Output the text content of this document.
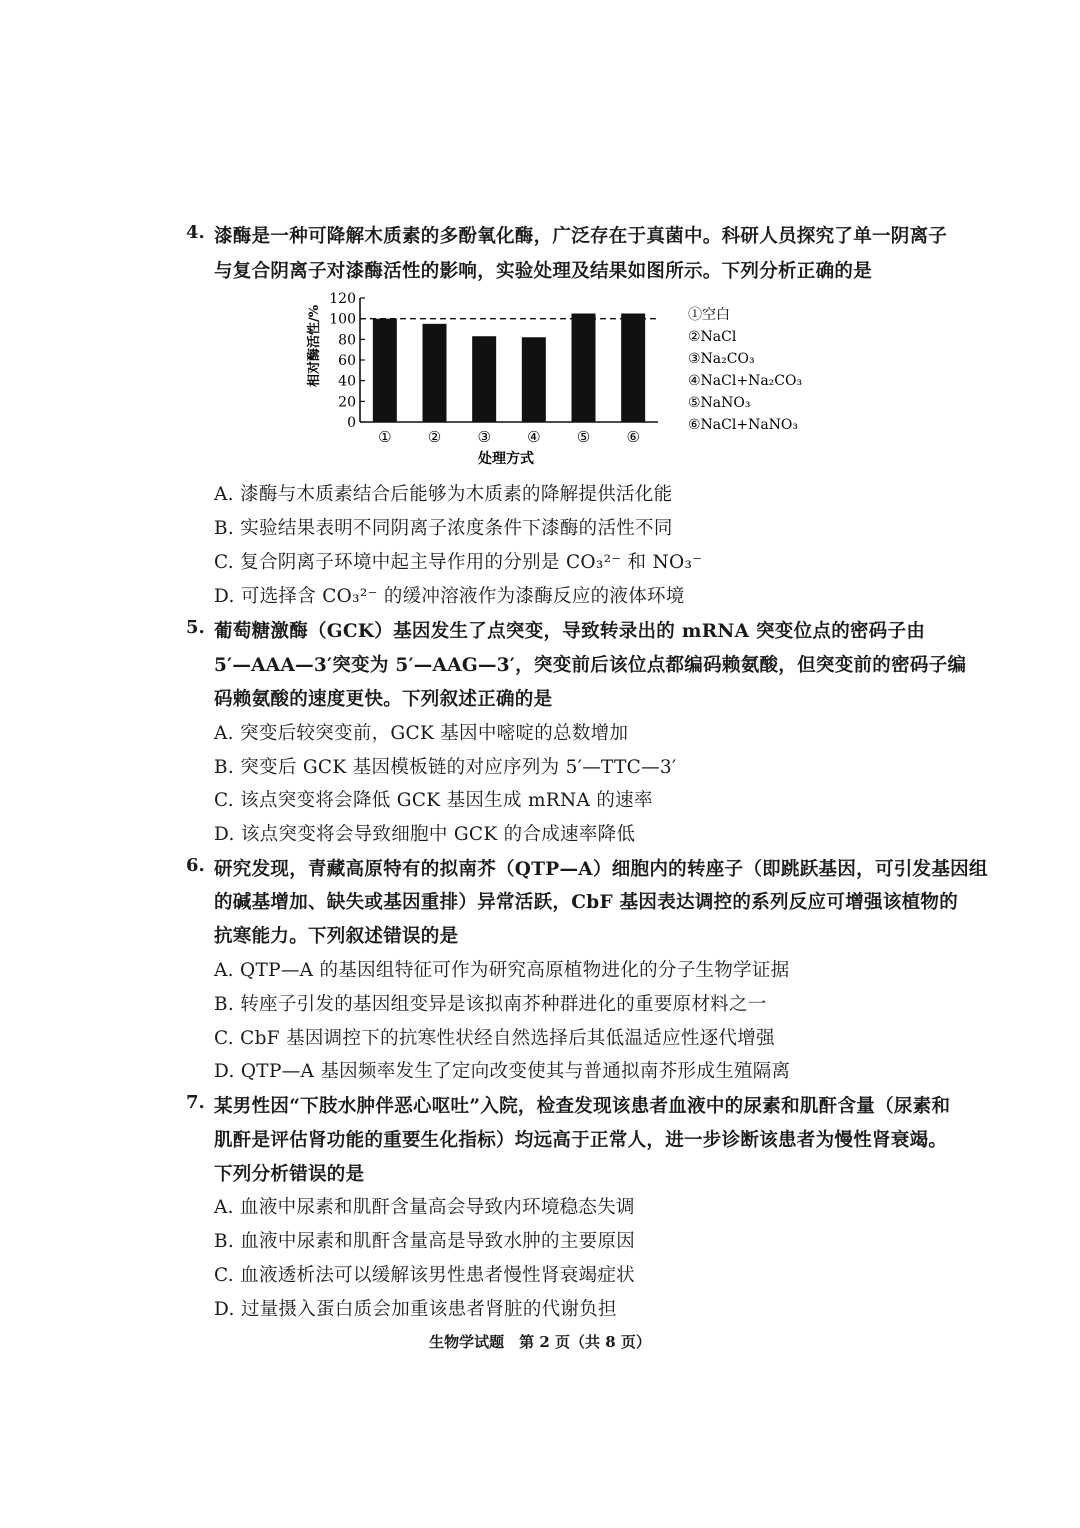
4. 漆酶是一种可降解木质素的多酚氧化酶，广泛存在于真菌中。科研人员探究了单一阴离子
与复合阴离子对漆酶活性的影响，实验处理及结果如图所示。下列分析正确的是
相对酶活性/%
处理方式
0
20
40
60
80
100
120
① ② ③ ④ ⑤ ⑥
①空白
②NaCl
③Na₂CO₃
④NaCl+Na₂CO₃
⑤NaNO₃
⑥NaCl+NaNO₃
A. 漆酶与木质素结合后能够为木质素的降解提供活化能
B. 实验结果表明不同阴离子浓度条件下漆酶的活性不同
C. 复合阴离子环境中起主导作用的分别是 CO₃²⁻ 和 NO₃⁻
D. 可选择含 CO₃²⁻ 的缓冲溶液作为漆酶反应的液体环境
5. 葡萄糖激酶（GCK）基因发生了点突变，导致转录出的 mRNA 突变位点的密码子由
5′—AAA—3′突变为 5′—AAG—3′，突变前后该位点都编码赖氨酸，但突变前的密码子编
码赖氨酸的速度更快。下列叙述正确的是
A. 突变后较突变前，GCK 基因中嘧啶的总数增加
B. 突变后 GCK 基因模板链的对应序列为 5′—TTC—3′
C. 该点突变将会降低 GCK 基因生成 mRNA 的速率
D. 该点突变将会导致细胞中 GCK 的合成速率降低
6. 研究发现，青藏高原特有的拟南芥（QTP—A）细胞内的转座子（即跳跃基因，可引发基因组
的碱基增加、缺失或基因重排）异常活跃，CbF 基因表达调控的系列反应可增强该植物的
抗寒能力。下列叙述错误的是
A. QTP—A 的基因组特征可作为研究高原植物进化的分子生物学证据
B. 转座子引发的基因组变异是该拟南芥种群进化的重要原材料之一
C. CbF 基因调控下的抗寒性状经自然选择后其低温适应性逐代增强
D. QTP—A 基因频率发生了定向改变使其与普通拟南芥形成生殖隔离
7. 某男性因“下肢水肿伴恶心呕吐”入院，检查发现该患者血液中的尿素和肌酐含量（尿素和
肌酐是评估肾功能的重要生化指标）均远高于正常人，进一步诊断该患者为慢性肾衰竭。
下列分析错误的是
A. 血液中尿素和肌酐含量高会导致内环境稳态失调
B. 血液中尿素和肌酐含量高是导致水肿的主要原因
C. 血液透析法可以缓解该男性患者慢性肾衰竭症状
D. 过量摄入蛋白质会加重该患者肾脏的代谢负担
生物学试题　第 2 页（共 8 页）
